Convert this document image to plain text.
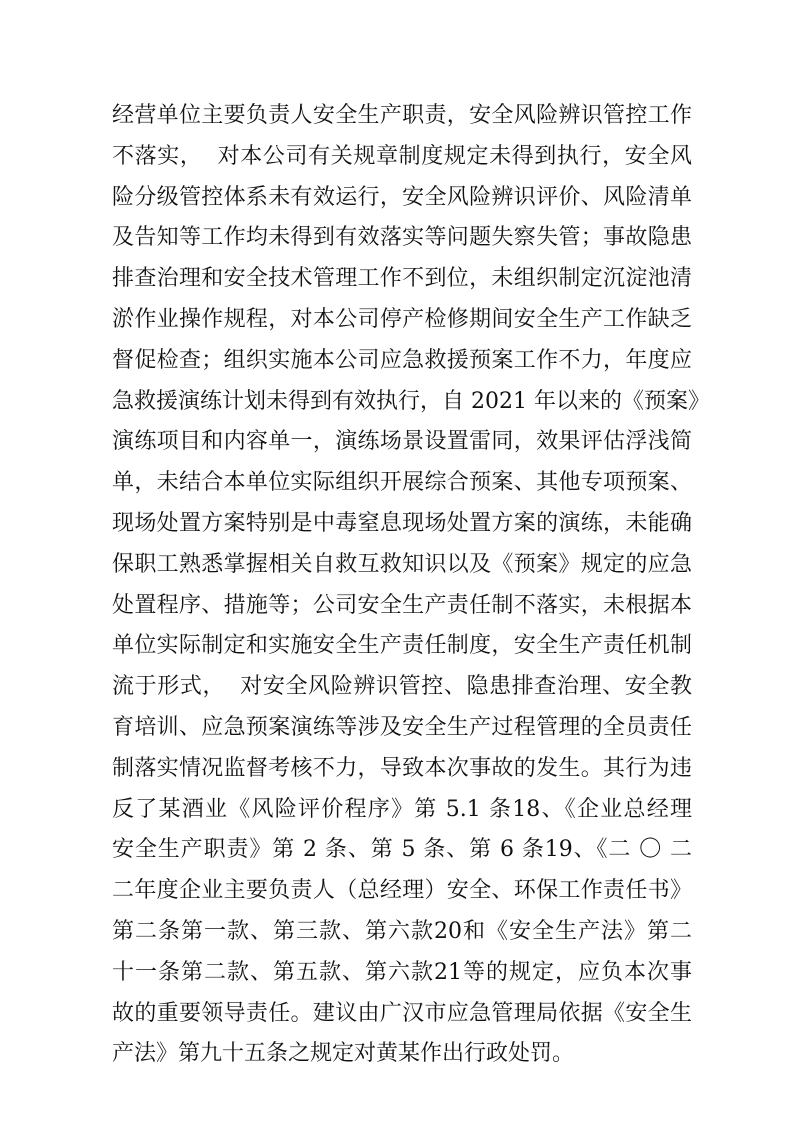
经营单位主要负责人安全生产职责，安全风险辨识管控工作
不落实，  对本公司有关规章制度规定未得到执行，安全风
险分级管控体系未有效运行，安全风险辨识评价、风险清单
及告知等工作均未得到有效落实等问题失察失管；事故隐患
排查治理和安全技术管理工作不到位，未组织制定沉淀池清
淤作业操作规程，对本公司停产检修期间安全生产工作缺乏
督促检查；组织实施本公司应急救援预案工作不力，年度应
急救援演练计划未得到有效执行，自 2021 年以来的《预案》
演练项目和内容单一，演练场景设置雷同，效果评估浮浅简
单，未结合本单位实际组织开展综合预案、其他专项预案、
现场处置方案特别是中毒窒息现场处置方案的演练，未能确
保职工熟悉掌握相关自救互救知识以及《预案》规定的应急
处置程序、措施等；公司安全生产责任制不落实，未根据本
单位实际制定和实施安全生产责任制度，安全生产责任机制
流于形式，  对安全风险辨识管控、隐患排查治理、安全教
育培训、应急预案演练等涉及安全生产过程管理的全员责任
制落实情况监督考核不力，导致本次事故的发生。其行为违
反了某酒业《风险评价程序》第 5.1 条18、《企业总经理
安全生产职责》第 2 条、第 5 条、第 6 条19、《二 〇 二
二年度企业主要负责人（总经理）安全、环保工作责任书》
第二条第一款、第三款、第六款20和《安全生产法》第二
十一条第二款、第五款、第六款21等的规定，应负本次事
故的重要领导责任。建议由广汉市应急管理局依据《安全生
产法》第九十五条之规定对黄某作出行政处罚。
